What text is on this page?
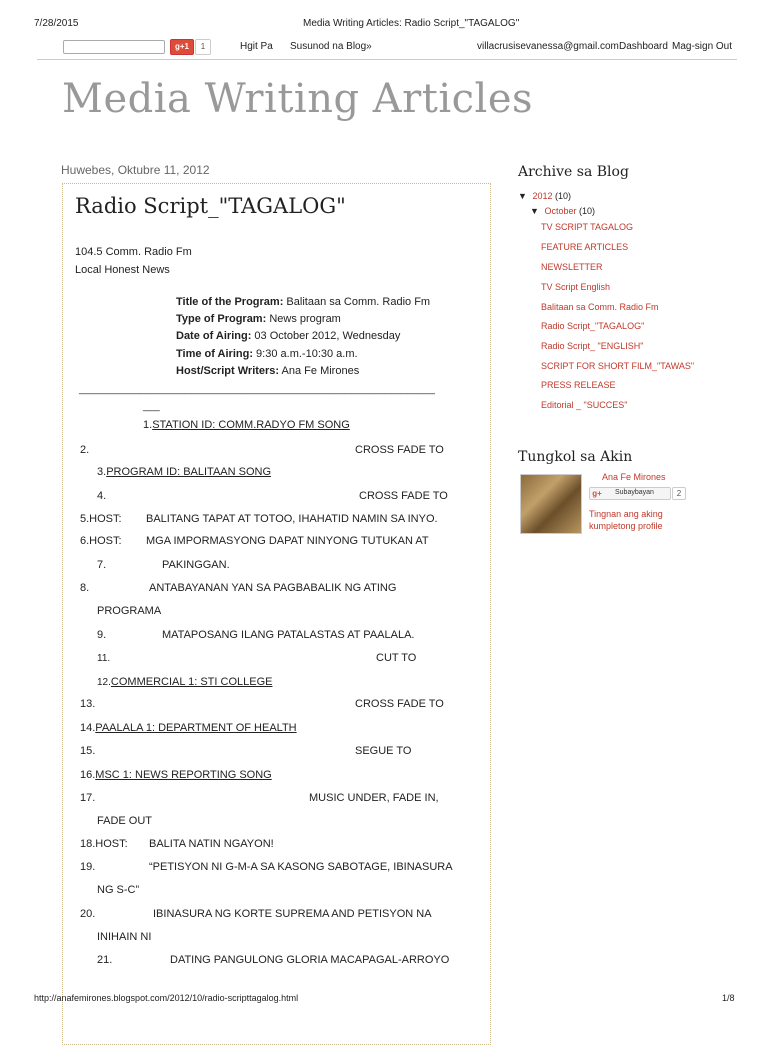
7/28/2015	Media Writing Articles: Radio Script_"TAGALOG"
g+1	1	Hgit Pa Susunod na Blog»	villacrusisevanessa@gmail.com Dashboard Mag-sign Out
Media Writing Articles
Huwebes, Oktubre 11, 2012
Radio Script_"TAGALOG"
104.5 Comm. Radio Fm
Local Honest News
Title of the Program: Balitaan sa Comm. Radio Fm
Type of Program: News program
Date of Airing: 03 October 2012, Wednesday
Time of Airing: 9:30 a.m.-10:30 a.m.
Host/Script Writers: Ana Fe Mirones
________________________________________________________________
___
1.STATION ID: COMM.RADYO FM SONG
2.	CROSS FADE TO
3.PROGRAM ID: BALITAAN SONG
4.	CROSS FADE TO
5.HOST: BALITANG TAPAT AT TOTOO, IHAHATID NAMIN SA INYO.
6.HOST: MGA IMPORMASYONG DAPAT NINYONG TUTUKAN AT
7.	PAKINGGAN.
8.	ANTABAYANAN YAN SA PAGBABALIK NG ATING
PROGRAMA
9.	MATAPOSANG ILANG PATALASTAS AT PAALALA.
11.	CUT TO
12.COMMERCIAL 1: STI COLLEGE
13.	CROSS FADE TO
14.PAALALA 1: DEPARTMENT OF HEALTH
15.	SEGUE TO
16.MSC 1: NEWS REPORTING SONG
17.	MUSIC UNDER, FADE IN,
FADE OUT
18.HOST: BALITA NATIN NGAYON!
19.	“PETISYON NI G-M-A SA KASONG SABOTAGE, IBINASURA
NG S-C”
20.	IBINASURA NG KORTE SUPREMA AND PETISYON NA
INIHAIN NI
21.	DATING PANGULONG GLORIA MACAPAGAL-ARROYO
Archive sa Blog
▼ 2012 (10)
▼ October (10)
TV SCRIPT TAGALOG
FEATURE ARTICLES
NEWSLETTER
TV Script English
Balitaan sa Comm. Radio Fm
Radio Script_"TAGALOG"
Radio Script_ "ENGLISH"
SCRIPT FOR SHORT FILM_"TAWAS"
PRESS RELEASE
Editorial _ "SUCCES"
Tungkol sa Akin
Ana Fe Mirones
g+ Subaybayan	2
Tingnan ang aking
kumpletong profile
http://anafemirones.blogspot.com/2012/10/radio-scripttagalog.html	1/8
